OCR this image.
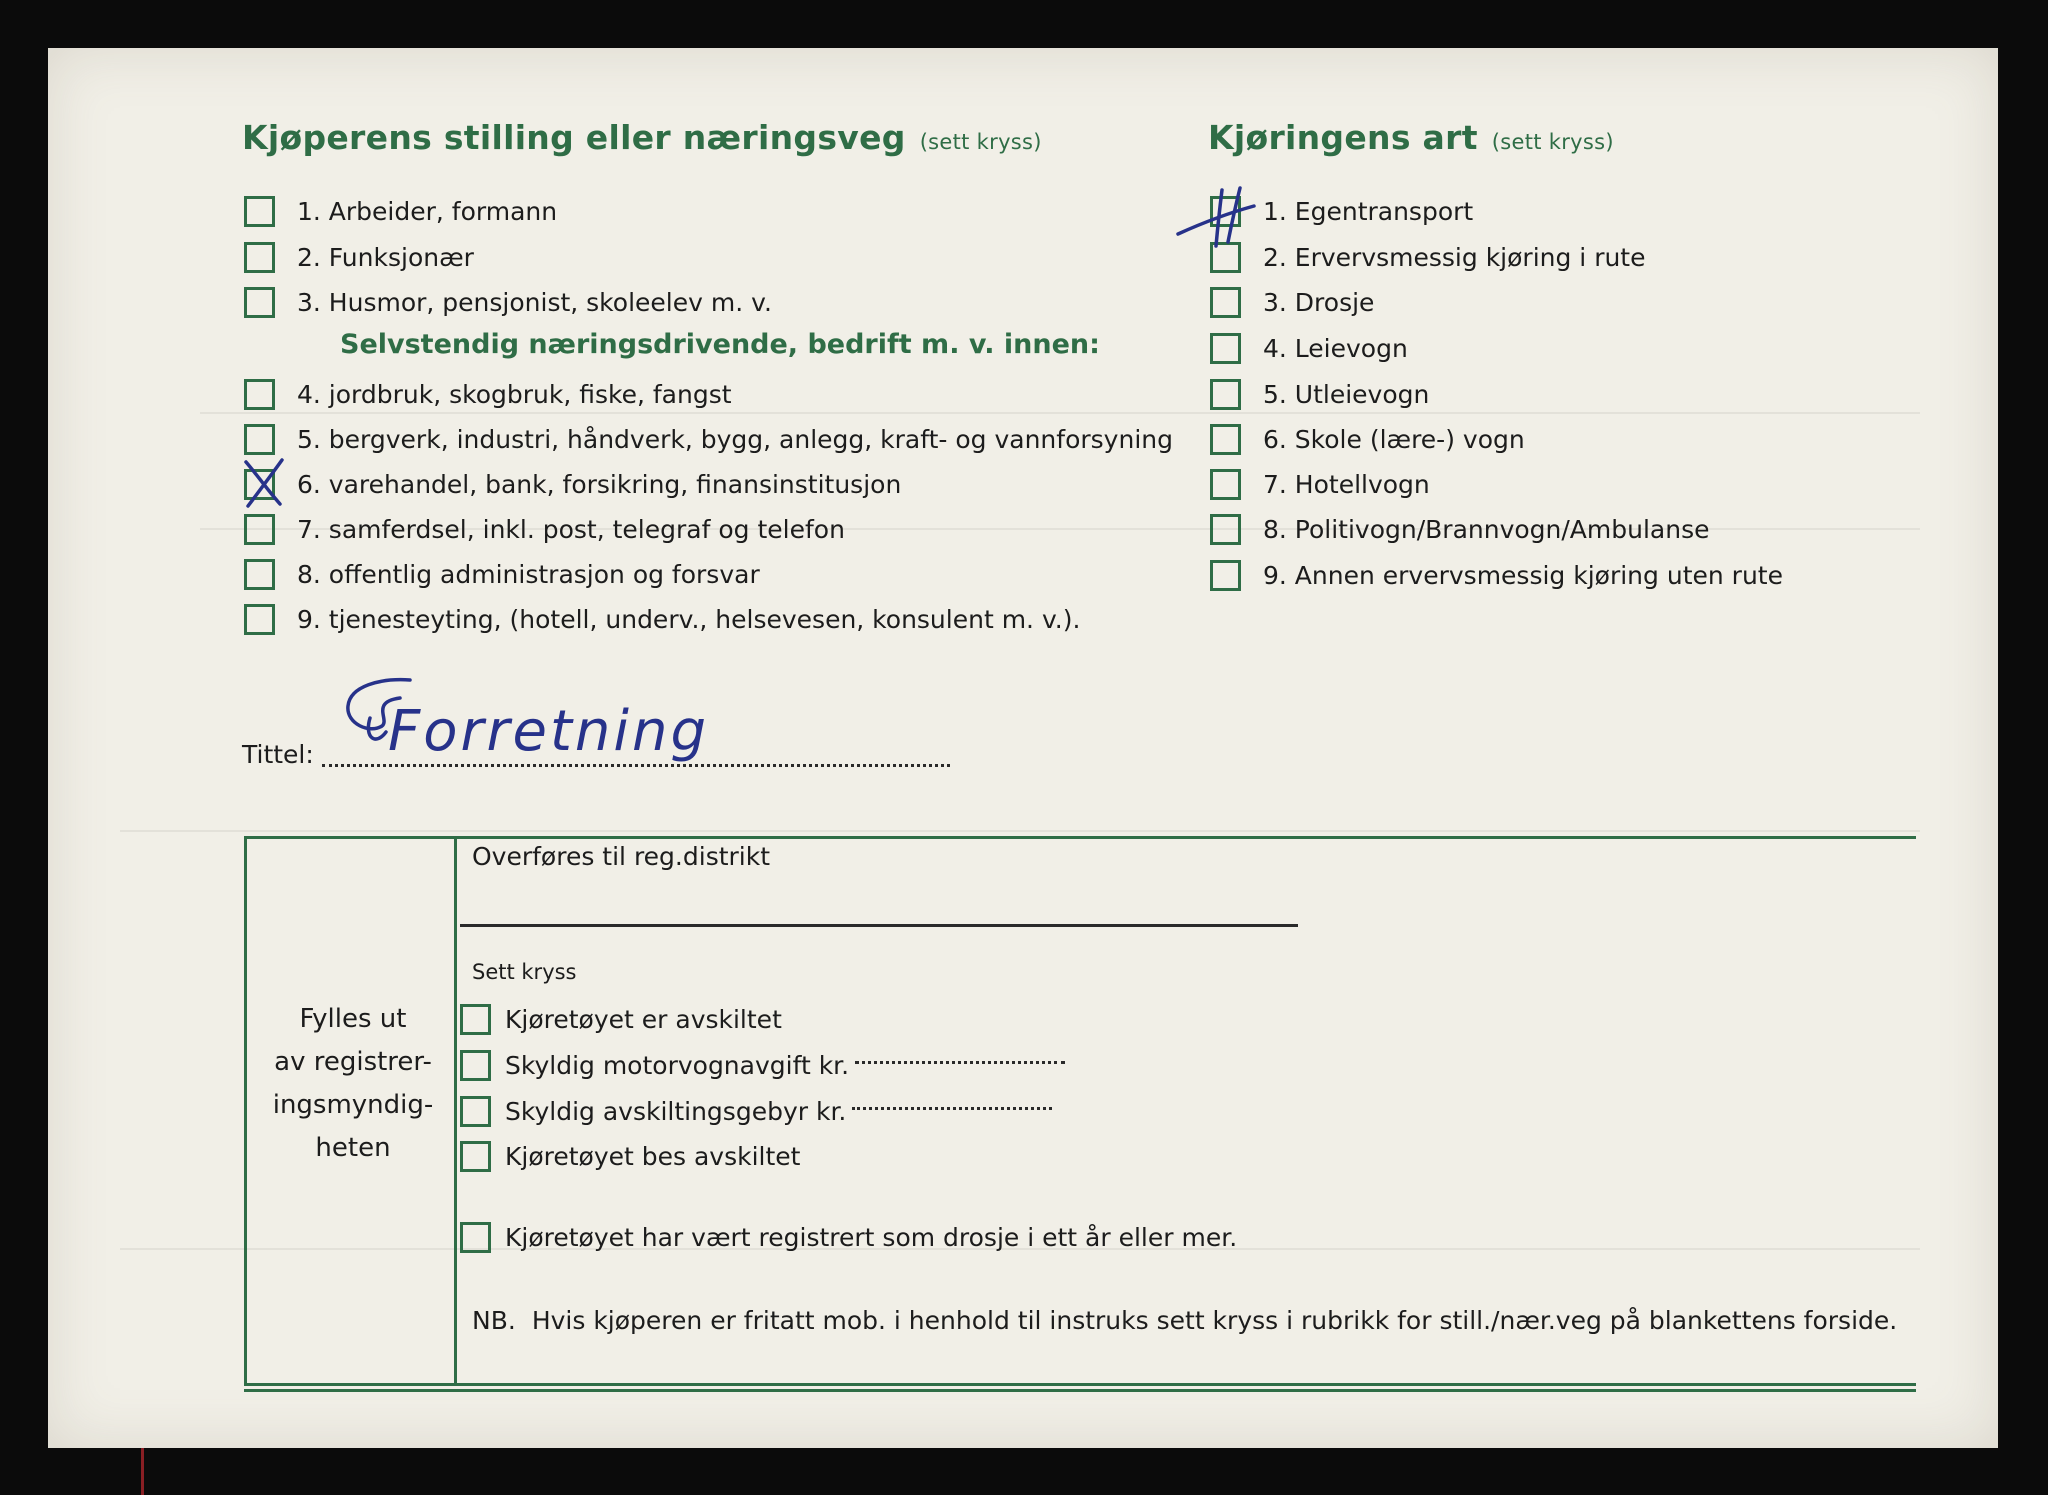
Kjøperens stilling eller næringsveg (sett kryss)
1. Arbeider, formann
2. Funksjonær
3. Husmor, pensjonist, skoleelev m. v.
Selvstendig næringsdrivende, bedrift m. v. innen:
4. jordbruk, skogbruk, fiske, fangst
5. bergverk, industri, håndverk, bygg, anlegg, kraft- og vannforsyning
6. varehandel, bank, forsikring, finansinstitusjon
7. samferdsel, inkl. post, telegraf og telefon
8. offentlig administrasjon og forsvar
9. tjenesteyting, (hotell, underv., helsevesen, konsulent m. v.).
Kjøringens art (sett kryss)
1. Egentransport
2. Ervervsmessig kjøring i rute
3. Drosje
4. Leievogn
5. Utleievogn
6. Skole (lære-) vogn
7. Hotellvogn
8. Politivogn/Brannvogn/Ambulanse
9. Annen ervervsmessig kjøring uten rute
Tittel: Forretning
Fylles ut
av registrer-
ingsmyndig-
heten
Overføres til reg.distrikt
Sett kryss
Kjøretøyet er avskiltet
Skyldig motorvognavgift kr.
Skyldig avskiltingsgebyr kr.
Kjøretøyet bes avskiltet
Kjøretøyet har vært registrert som drosje i ett år eller mer.
NB. Hvis kjøperen er fritatt mob. i henhold til instruks sett kryss i rubrikk for still./nær.veg på blankettens forside.
